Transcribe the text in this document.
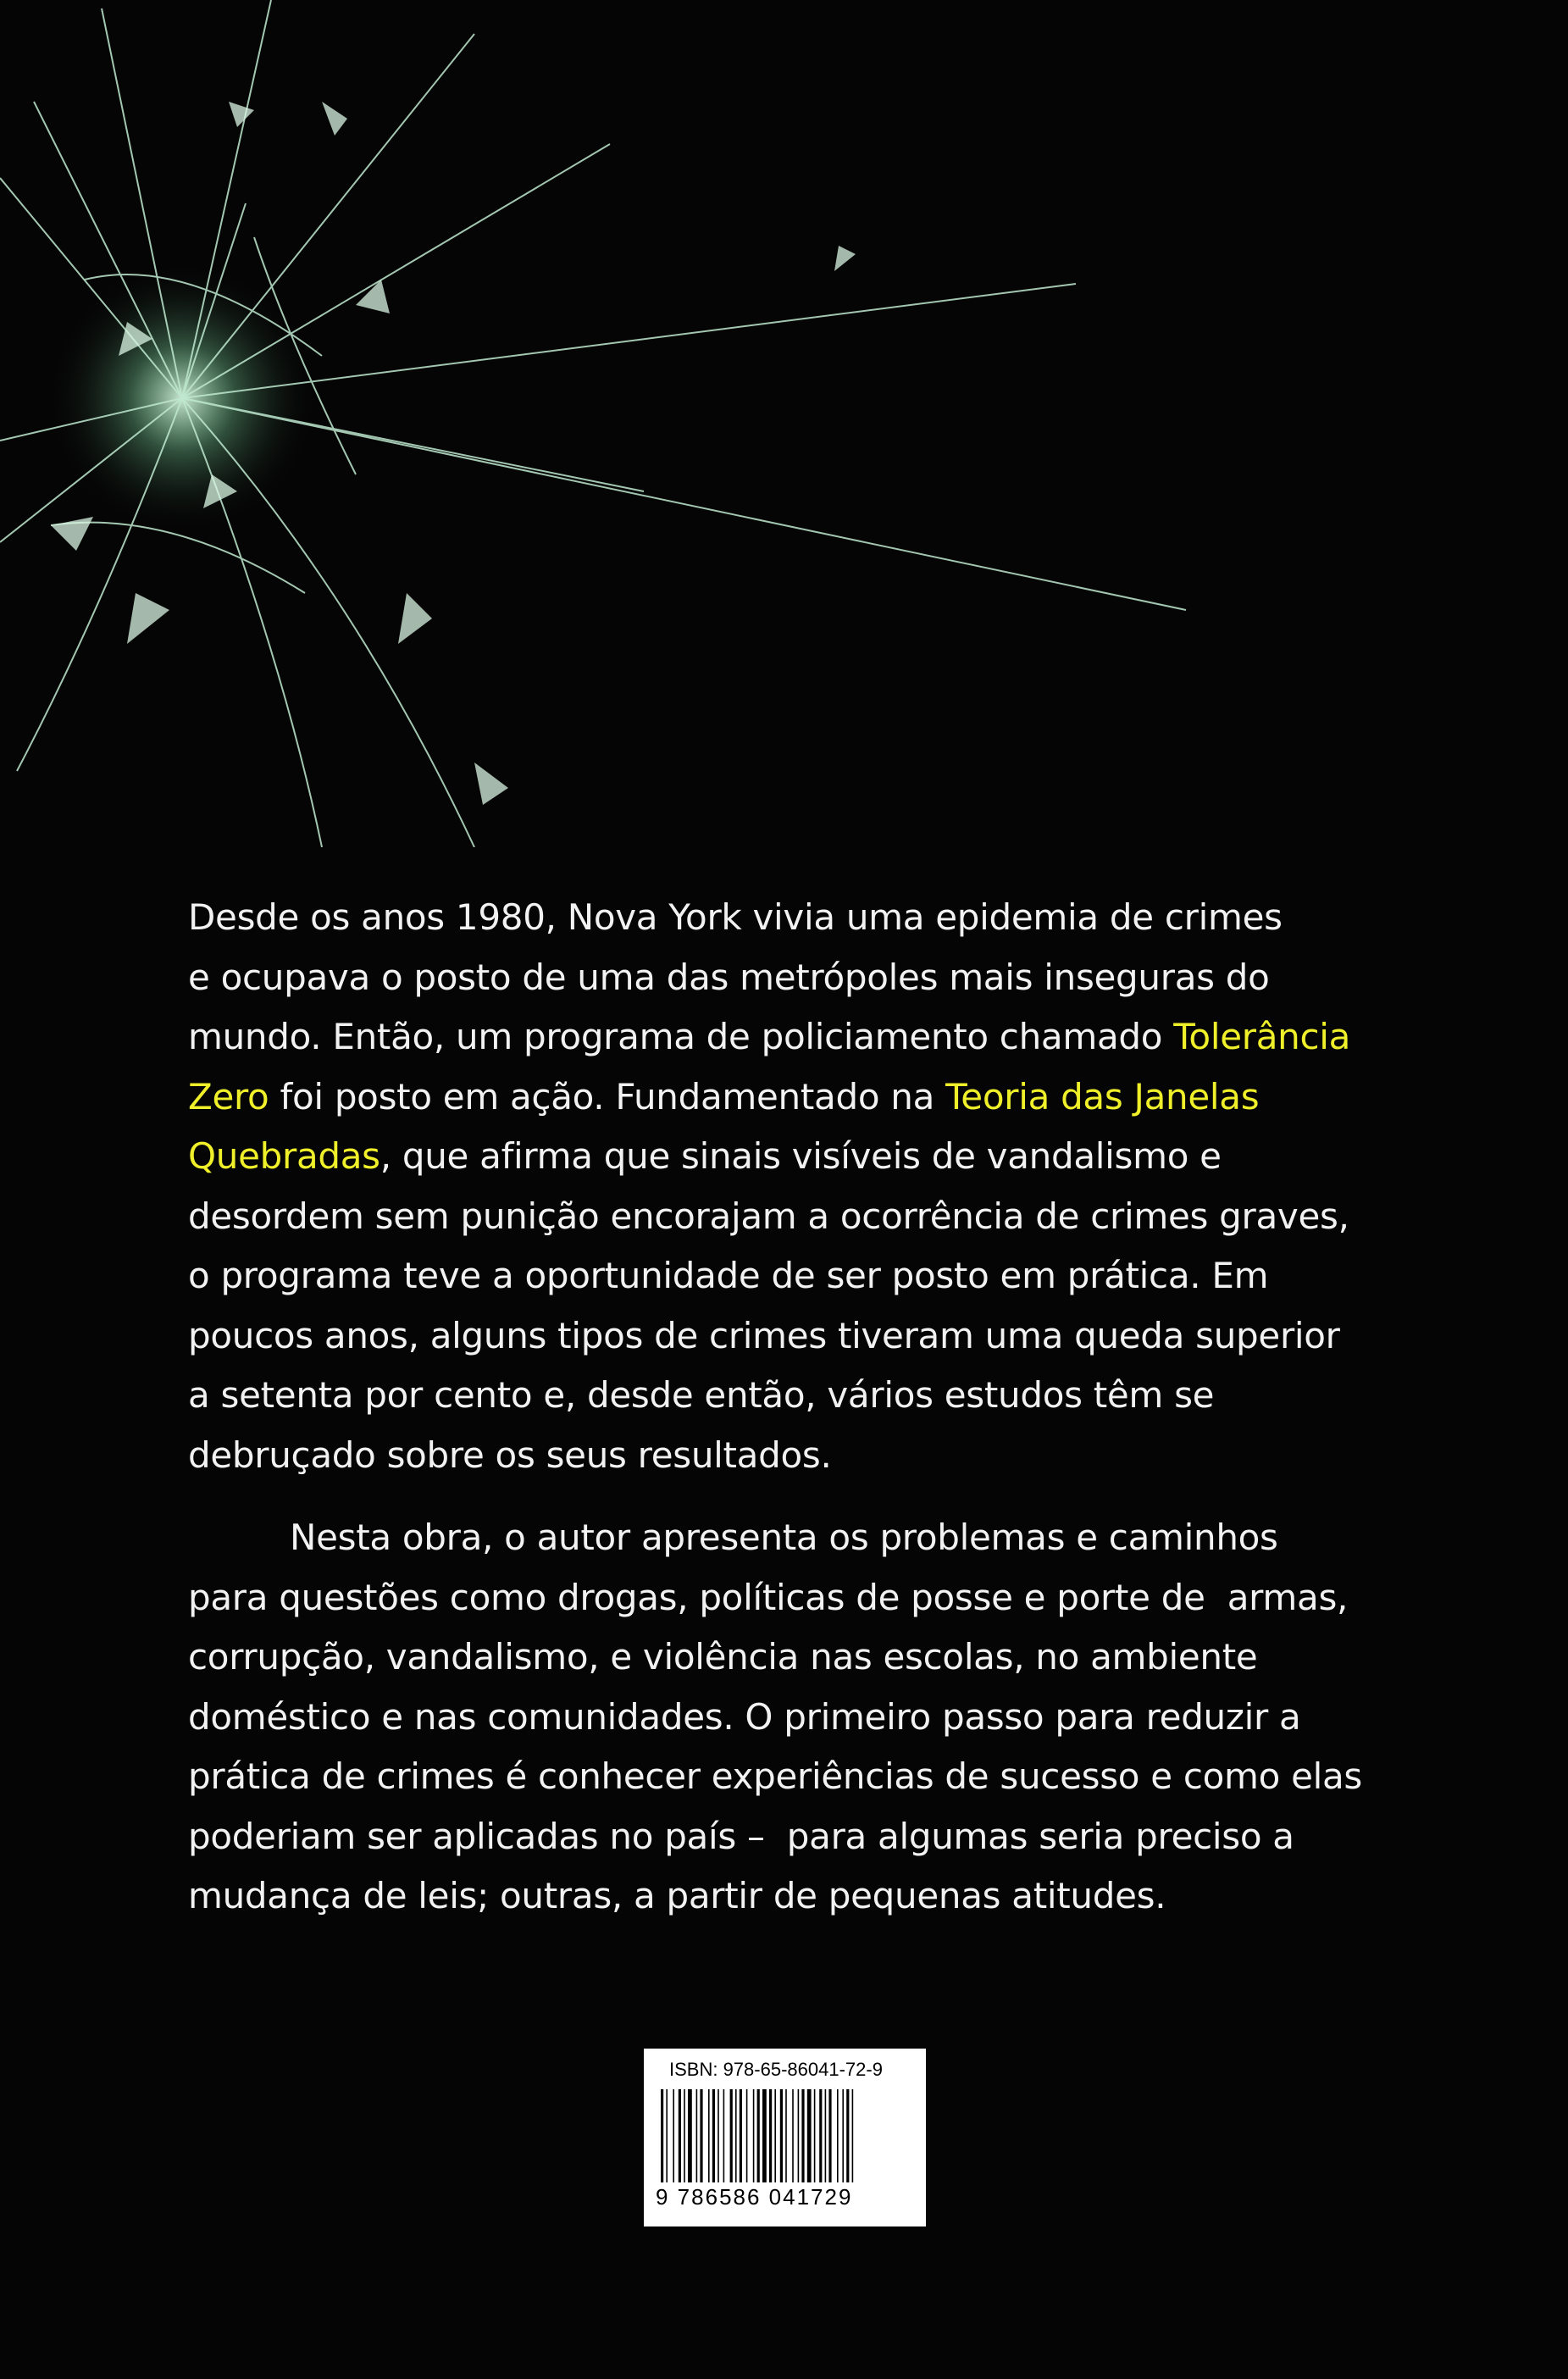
Desde os anos 1980, Nova York vivia uma epidemia de crimes
e ocupava o posto de uma das metrópoles mais inseguras do
mundo. Então, um programa de policiamento chamado Tolerância
Zero foi posto em ação. Fundamentado na Teoria das Janelas
Quebradas, que afirma que sinais visíveis de vandalismo e
desordem sem punição encorajam a ocorrência de crimes graves,
o programa teve a oportunidade de ser posto em prática. Em
poucos anos, alguns tipos de crimes tiveram uma queda superior
a setenta por cento e, desde então, vários estudos têm se
debruçado sobre os seus resultados.
Nesta obra, o autor apresenta os problemas e caminhos
para questões como drogas, políticas de posse e porte de  armas,
corrupção, vandalismo, e violência nas escolas, no ambiente
doméstico e nas comunidades. O primeiro passo para reduzir a
prática de crimes é conhecer experiências de sucesso e como elas
poderiam ser aplicadas no país –  para algumas seria preciso a
mudança de leis; outras, a partir de pequenas atitudes.
ISBN: 978-65-86041-72-9
9 786586 041729
